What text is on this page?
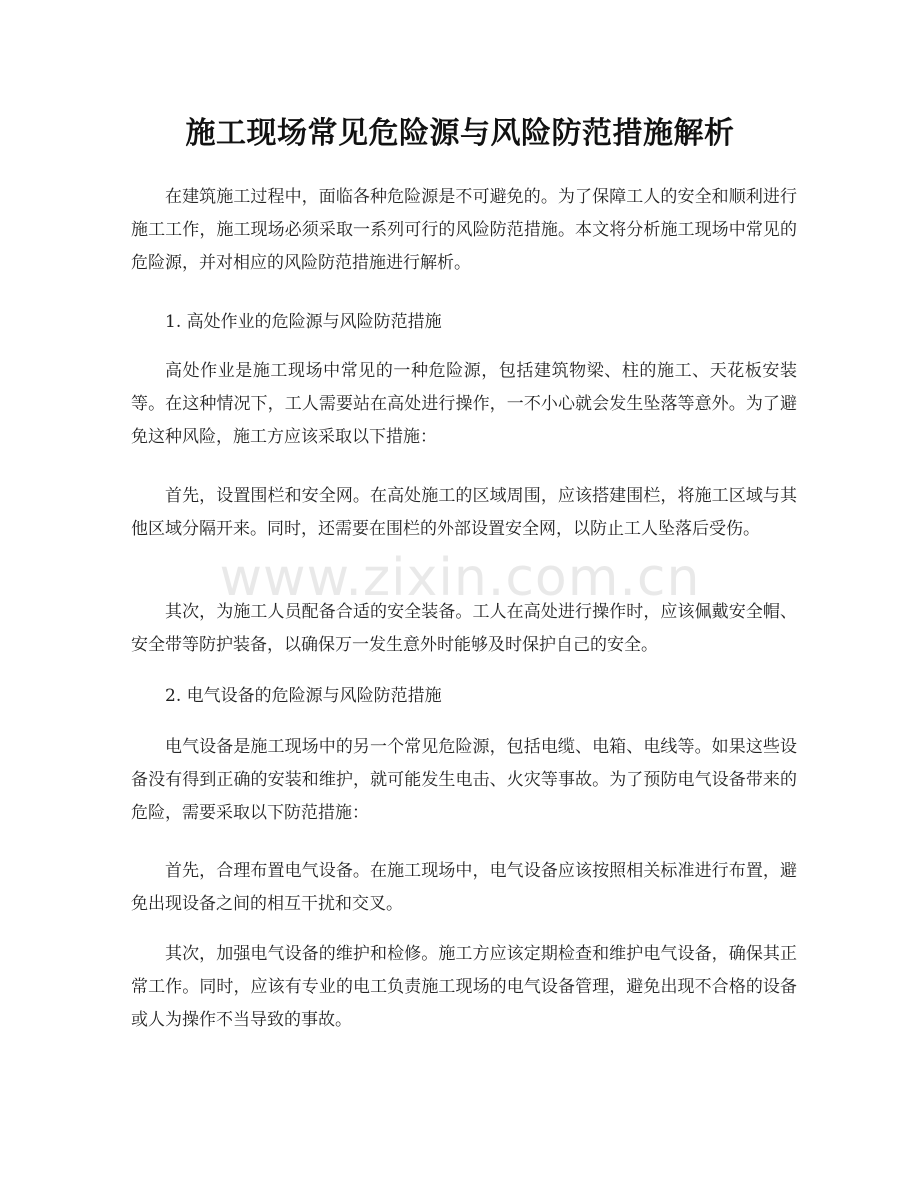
施工现场常见危险源与风险防范措施解析

在建筑施工过程中，面临各种危险源是不可避免的。为了保障工人的安全和顺利进行施工工作，施工现场必须采取一系列可行的风险防范措施。本文将分析施工现场中常见的危险源，并对相应的风险防范措施进行解析。

1. 高处作业的危险源与风险防范措施

高处作业是施工现场中常见的一种危险源，包括建筑物梁、柱的施工、天花板安装等。在这种情况下，工人需要站在高处进行操作，一不小心就会发生坠落等意外。为了避免这种风险，施工方应该采取以下措施：

首先，设置围栏和安全网。在高处施工的区域周围，应该搭建围栏，将施工区域与其他区域分隔开来。同时，还需要在围栏的外部设置安全网，以防止工人坠落后受伤。

其次，为施工人员配备合适的安全装备。工人在高处进行操作时，应该佩戴安全帽、安全带等防护装备，以确保万一发生意外时能够及时保护自己的安全。

2. 电气设备的危险源与风险防范措施

电气设备是施工现场中的另一个常见危险源，包括电缆、电箱、电线等。如果这些设备没有得到正确的安装和维护，就可能发生电击、火灾等事故。为了预防电气设备带来的危险，需要采取以下防范措施：

首先，合理布置电气设备。在施工现场中，电气设备应该按照相关标准进行布置，避免出现设备之间的相互干扰和交叉。

其次，加强电气设备的维护和检修。施工方应该定期检查和维护电气设备，确保其正常工作。同时，应该有专业的电工负责施工现场的电气设备管理，避免出现不合格的设备或人为操作不当导致的事故。

www.zixin.com.cn
